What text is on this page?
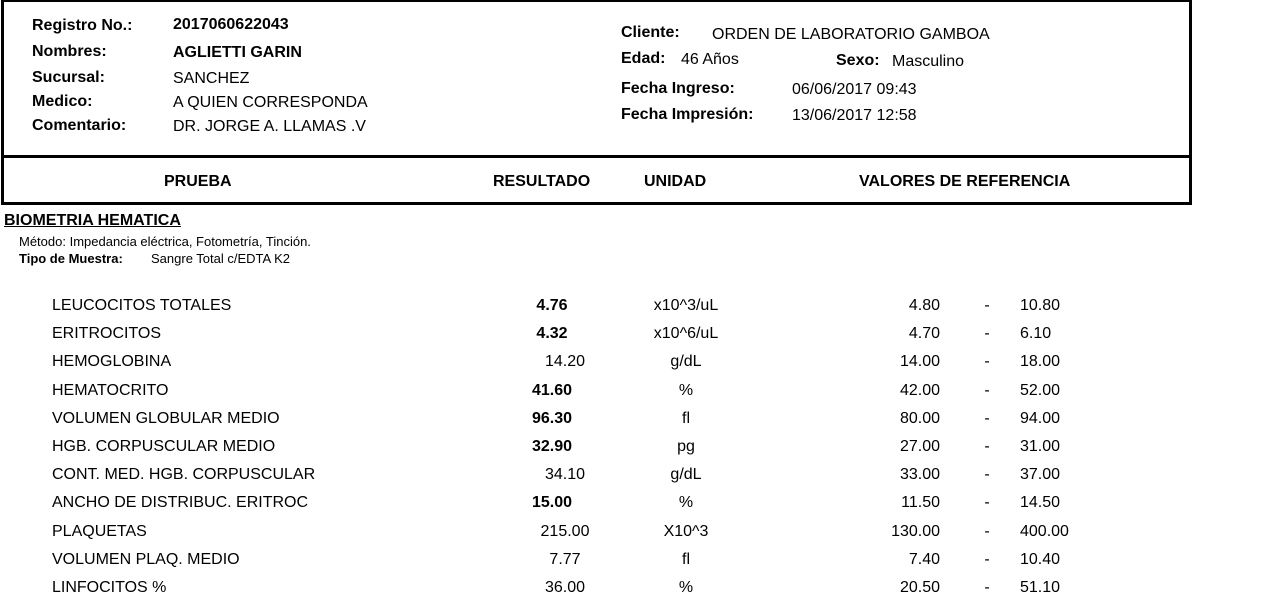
Registro No.:	2017060622043
Nombres:	AGLIETTI GARIN
Sucursal:	SANCHEZ
Medico:	A QUIEN CORRESPONDA
Comentario:	DR. JORGE A. LLAMAS .V
Cliente: ORDEN DE LABORATORIO GAMBOA
Edad: 46 Años	Sexo: Masculino
Fecha Ingreso:	06/06/2017 09:43
Fecha Impresión: 13/06/2017 12:58
PRUEBA	RESULTADO	UNIDAD	VALORES DE REFERENCIA
BIOMETRIA HEMATICA
Método: Impedancia eléctrica, Fotometría, Tinción.
Tipo de Muestra: Sangre Total c/EDTA K2
LEUCOCITOS TOTALES	4.76	x10^3/uL	4.80	- 10.80
ERITROCITOS	4.32	x10^6/uL	4.70	- 6.10
HEMOGLOBINA	14.20	g/dL	14.00	- 18.00
HEMATOCRITO	41.60	%	42.00	- 52.00
VOLUMEN GLOBULAR MEDIO	96.30	fl	80.00	- 94.00
HGB. CORPUSCULAR MEDIO	32.90	pg	27.00	- 31.00
CONT. MED. HGB. CORPUSCULAR	34.10	g/dL	33.00	- 37.00
ANCHO DE DISTRIBUC. ERITROC	15.00	%	11.50	- 14.50
PLAQUETAS	215.00	X10^3	130.00	- 400.00
VOLUMEN PLAQ. MEDIO	7.77	fl	7.40	- 10.40
LINFOCITOS %	36.00	%	20.50	- 51.10
